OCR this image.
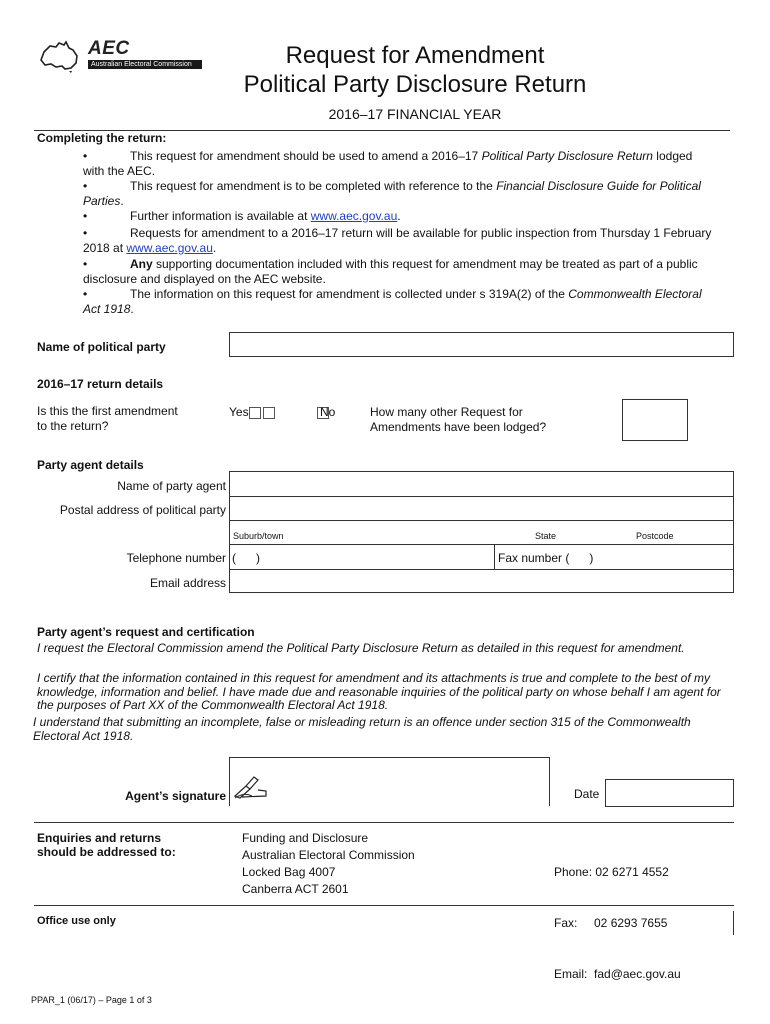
AEC
Australian Electoral Commission	Request for Amendment
Political Party Disclosure Return
2016–17 FINANCIAL YEAR
Completing the return:
•	This request for amendment should be used to amend a 2016–17 Political Party Disclosure Return lodged with the AEC.
•	This request for amendment is to be completed with reference to the Financial Disclosure Guide for Political Parties.
•	Further information is available at www.aec.gov.au.
•	Requests for amendment to a 2016–17 return will be available for public inspection from Thursday 1 February 2018 at www.aec.gov.au.
•	Any supporting documentation included with this request for amendment may be treated as part of a public disclosure and displayed on the AEC website.
•	The information on this request for amendment is collected under s 319A(2) of the Commonwealth Electoral Act 1918.
Name of political party
2016–17 return details
Is this the first amendment
to the return?
Yes	No	How many other Request for
Amendments have been lodged?
Party agent details
Name of party agent
Postal address of political party
Suburb/town	State	Postcode
Telephone number (      )	Fax number (      )
Email address
Party agent’s request and certification
I request the Electoral Commission amend the Political Party Disclosure Return as detailed in this request for amendment.
I certify that the information contained in this request for amendment and its attachments is true and complete to the best of my knowledge, information and belief. I have made due and reasonable inquiries of the political party on whose behalf I am agent for the purposes of Part XX of the Commonwealth Electoral Act 1918.
I understand that submitting an incomplete, false or misleading return is an offence under section 315 of the Commonwealth Electoral Act 1918.
Agent’s signature	Date
Enquiries and returns
should be addressed to:
Funding and Disclosure
Australian Electoral Commission
Locked Bag 4007
Canberra ACT 2601

Phone: 02 6271 4552

Fax:     02 6293 7655

Email:  fad@aec.gov.au

Office use only
PPAR_1 (06/17) – Page 1 of 3
